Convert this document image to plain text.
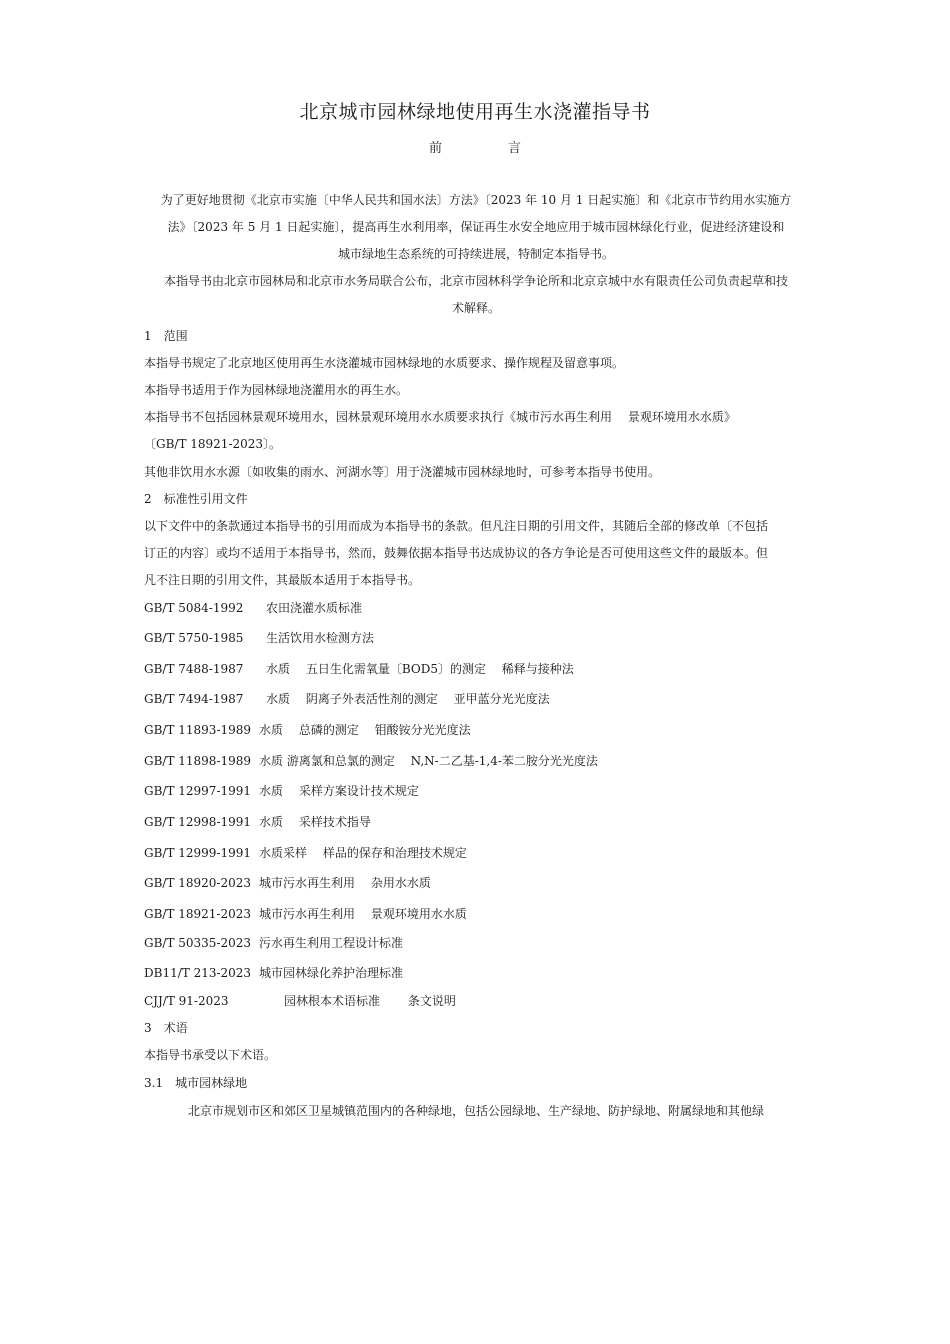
北京城市园林绿地使用再生水浇灌指导书
前	言
为了更好地贯彻《北京市实施〔中华人民共和国水法〕方法》〔2023 年 10 月 1 日起实施〕和《北京市节约用水实施方
法》〔2023 年 5 月 1 日起实施〕，提高再生水利用率，保证再生水安全地应用于城市园林绿化行业，促进经济建设和
城市绿地生态系统的可持续进展，特制定本指导书。
本指导书由北京市园林局和北京市水务局联合公布，北京市园林科学争论所和北京京城中水有限责任公司负责起草和技
术解释。
1　范围
本指导书规定了北京地区使用再生水浇灌城市园林绿地的水质要求、操作规程及留意事项。
本指导书适用于作为园林绿地浇灌用水的再生水。
本指导书不包括园林景观环境用水，园林景观环境用水水质要求执行《城市污水再生利用　 景观环境用水水质》
〔GB/T 18921-2023〕。
其他非饮用水水源〔如收集的雨水、河湖水等〕用于浇灌城市园林绿地时，可参考本指导书使用。
2　标准性引用文件
以下文件中的条款通过本指导书的引用而成为本指导书的条款。但凡注日期的引用文件，其随后全部的修改单〔不包括
订正的内容〕或均不适用于本指导书，然而，鼓舞依据本指导书达成协议的各方争论是否可使用这些文件的最版本。但
凡不注日期的引用文件，其最版本适用于本指导书。
GB/T 5084-1992 农田浇灌水质标准
GB/T 5750-1985 生活饮用水检测方法
GB/T 7488-1987 水质　 五日生化需氧量〔BOD5〕的测定　 稀释与接种法
GB/T 7494-1987 水质　 阴离子外表活性剂的测定　 亚甲蓝分光光度法
GB/T 11893-1989 水质　 总磷的测定　 钼酸铵分光光度法
GB/T 11898-1989 水质 游离氯和总氯的测定　 N,N-二乙基-1,4-苯二胺分光光度法
GB/T 12997-1991 水质　 采样方案设计技术规定
GB/T 12998-1991 水质　 采样技术指导
GB/T 12999-1991 水质采样　 样品的保存和治理技术规定
GB/T 18920-2023 城市污水再生利用　 杂用水水质
GB/T 18921-2023 城市污水再生利用　 景观环境用水水质
GB/T 50335-2023 污水再生利用工程设计标准
DB11/T 213-2023 城市园林绿化养护治理标准
CJJ/T 91-2023	园林根本术语标准　　 条文说明
3　术语
本指导书承受以下术语。
3.1　城市园林绿地
北京市规划市区和郊区卫星城镇范围内的各种绿地，包括公园绿地、生产绿地、防护绿地、附属绿地和其他绿
